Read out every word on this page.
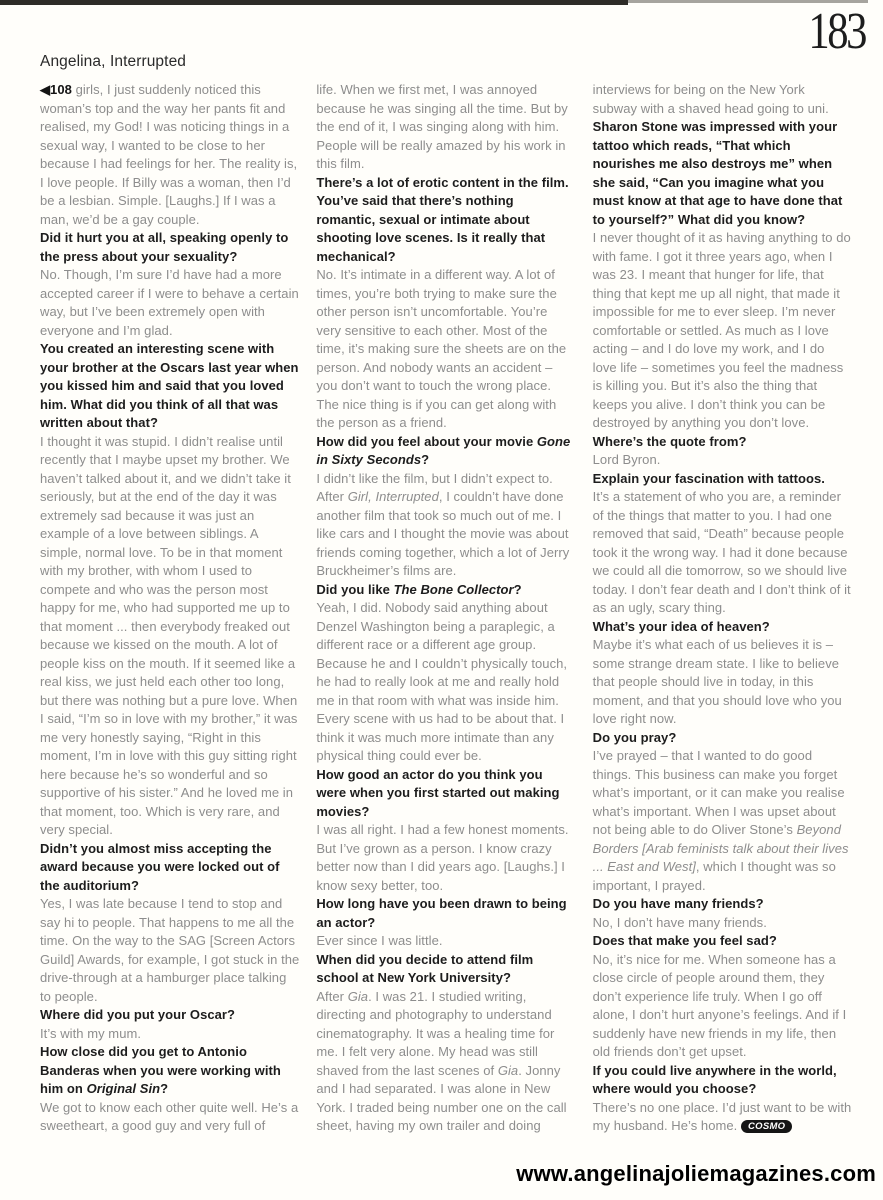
183
Angelina, Interrupted

◀108 girls, I just suddenly noticed this woman’s top and the way her pants fit and realised, my God! I was noticing things in a sexual way, I wanted to be close to her because I had feelings for her. The reality is, I love people. If Billy was a woman, then I’d be a lesbian. Simple. [Laughs.] If I was a man, we’d be a gay couple.

Did it hurt you at all, speaking openly to the press about your sexuality?

No. Though, I’m sure I’d have had a more accepted career if I were to behave a certain way, but I’ve been extremely open with everyone and I’m glad.

You created an interesting scene with your brother at the Oscars last year when you kissed him and said that you loved him. What did you think of all that was written about that?

I thought it was stupid. I didn’t realise until recently that I maybe upset my brother. We haven’t talked about it, and we didn’t take it seriously, but at the end of the day it was extremely sad because it was just an example of a love between siblings. A simple, normal love. To be in that moment with my brother, with whom I used to compete and who was the person most happy for me, who had supported me up to that moment ... then everybody freaked out because we kissed on the mouth. A lot of people kiss on the mouth. If it seemed like a real kiss, we just held each other too long, but there was nothing but a pure love. When I said, “I’m so in love with my brother,” it was me very honestly saying, “Right in this moment, I’m in love with this guy sitting right here because he’s so wonderful and so supportive of his sister.” And he loved me in that moment, too. Which is very rare, and very special.

Didn’t you almost miss accepting the award because you were locked out of the auditorium?

Yes, I was late because I tend to stop and say hi to people. That happens to me all the time. On the way to the SAG [Screen Actors Guild] Awards, for example, I got stuck in the drive-through at a hamburger place talking to people.

Where did you put your Oscar?

It’s with my mum.

How close did you get to Antonio Banderas when you were working with him on Original Sin?

We got to know each other quite well. He’s a sweetheart, a good guy and very full of

life. When we first met, I was annoyed because he was singing all the time. But by the end of it, I was singing along with him. People will be really amazed by his work in this film.

There’s a lot of erotic content in the film. You’ve said that there’s nothing romantic, sexual or intimate about shooting love scenes. Is it really that mechanical?

No. It’s intimate in a different way. A lot of times, you’re both trying to make sure the other person isn’t uncomfortable. You’re very sensitive to each other. Most of the time, it’s making sure the sheets are on the person. And nobody wants an accident – you don’t want to touch the wrong place. The nice thing is if you can get along with the person as a friend.

How did you feel about your movie Gone in Sixty Seconds?

I didn’t like the film, but I didn’t expect to. After Girl, Interrupted, I couldn’t have done another film that took so much out of me. I like cars and I thought the movie was about friends coming together, which a lot of Jerry Bruckheimer’s films are.

Did you like The Bone Collector?

Yeah, I did. Nobody said anything about Denzel Washington being a paraplegic, a different race or a different age group. Because he and I couldn’t physically touch, he had to really look at me and really hold me in that room with what was inside him. Every scene with us had to be about that. I think it was much more intimate than any physical thing could ever be.

How good an actor do you think you were when you first started out making movies?

I was all right. I had a few honest moments. But I’ve grown as a person. I know crazy better now than I did years ago. [Laughs.] I know sexy better, too.

How long have you been drawn to being an actor?

Ever since I was little.

When did you decide to attend film school at New York University?

After Gia. I was 21. I studied writing, directing and photography to understand cinematography. It was a healing time for me. I felt very alone. My head was still shaved from the last scenes of Gia. Jonny and I had separated. I was alone in New York. I traded being number one on the call sheet, having my own trailer and doing

interviews for being on the New York subway with a shaved head going to uni.

Sharon Stone was impressed with your tattoo which reads, “That which nourishes me also destroys me” when she said, “Can you imagine what you must know at that age to have done that to yourself?” What did you know?

I never thought of it as having anything to do with fame. I got it three years ago, when I was 23. I meant that hunger for life, that thing that kept me up all night, that made it impossible for me to ever sleep. I’m never comfortable or settled. As much as I love acting – and I do love my work, and I do love life – sometimes you feel the madness is killing you. But it’s also the thing that keeps you alive. I don’t think you can be destroyed by anything you don’t love.

Where’s the quote from?

Lord Byron.

Explain your fascination with tattoos.

It’s a statement of who you are, a reminder of the things that matter to you. I had one removed that said, “Death” because people took it the wrong way. I had it done because we could all die tomorrow, so we should live today. I don’t fear death and I don’t think of it as an ugly, scary thing.

What’s your idea of heaven?

Maybe it’s what each of us believes it is – some strange dream state. I like to believe that people should live in today, in this moment, and that you should love who you love right now.

Do you pray?

I’ve prayed – that I wanted to do good things. This business can make you forget what’s important, or it can make you realise what’s important. When I was upset about not being able to do Oliver Stone’s Beyond Borders [Arab feminists talk about their lives ... East and West], which I thought was so important, I prayed.

Do you have many friends?

No, I don’t have many friends.

Does that make you feel sad?

No, it’s nice for me. When someone has a close circle of people around them, they don’t experience life truly. When I go off alone, I don’t hurt anyone’s feelings. And if I suddenly have new friends in my life, then old friends don’t get upset.

If you could live anywhere in the world, where would you choose?

There’s no one place. I’d just want to be with my husband. He’s home. COSMO

www.angelinajoliemagazines.com
